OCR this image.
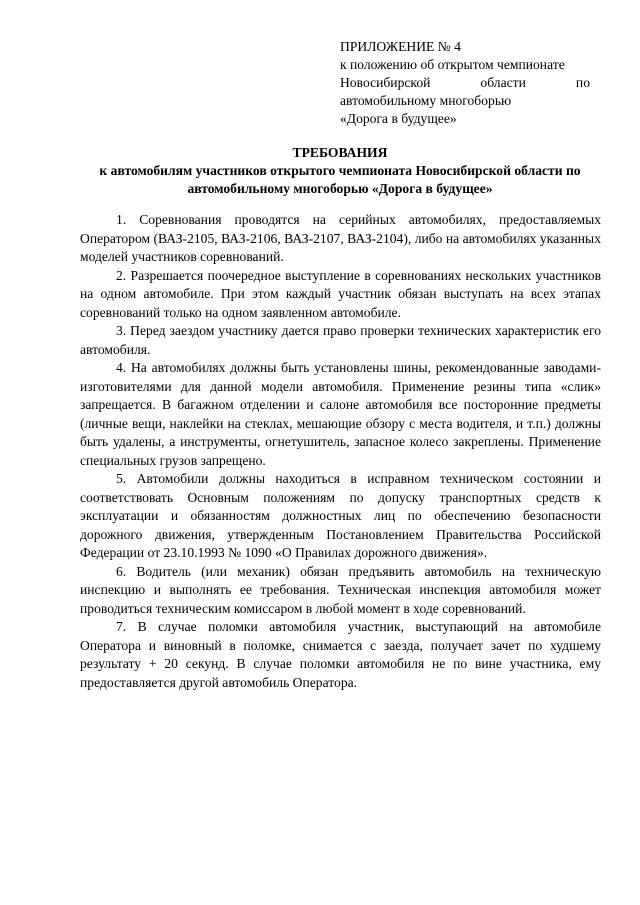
ПРИЛОЖЕНИЕ № 4
к положению об открытом чемпионате
Новосибирской области по
автомобильному многоборью
«Дорога в будущее»
ТРЕБОВАНИЯ
к автомобилям участников открытого чемпионата Новосибирской области по автомобильному многоборью «Дорога в будущее»

1. Соревнования проводятся на серийных автомобилях, предоставляемых Оператором (ВАЗ-2105, ВАЗ-2106, ВАЗ-2107, ВАЗ-2104), либо на автомобилях указанных моделей участников соревнований.

2. Разрешается поочередное выступление в соревнованиях нескольких участников на одном автомобиле. При этом каждый участник обязан выступать на всех этапах соревнований только на одном заявленном автомобиле.

3. Перед заездом участнику дается право проверки технических характеристик его автомобиля.

4. На автомобилях должны быть установлены шины, рекомендованные заводами-изготовителями для данной модели автомобиля. Применение резины типа «слик» запрещается. В багажном отделении и салоне автомобиля все посторонние предметы (личные вещи, наклейки на стеклах, мешающие обзору с места водителя, и т.п.) должны быть удалены, а инструменты, огнетушитель, запасное колесо закреплены. Применение специальных грузов запрещено.

5. Автомобили должны находиться в исправном техническом состоянии и соответствовать Основным положениям по допуску транспортных средств к эксплуатации и обязанностям должностных лиц по обеспечению безопасности дорожного движения, утвержденным Постановлением Правительства Российской Федерации от 23.10.1993 № 1090 «О Правилах дорожного движения».

6. Водитель (или механик) обязан предъявить автомобиль на техническую инспекцию и выполнять ее требования. Техническая инспекция автомобиля может проводиться техническим комиссаром в любой момент в ходе соревнований.

7. В случае поломки автомобиля участник, выступающий на автомобиле Оператора и виновный в поломке, снимается с заезда, получает зачет по худшему результату + 20 секунд. В случае поломки автомобиля не по вине участника, ему предоставляется другой автомобиль Оператора.
